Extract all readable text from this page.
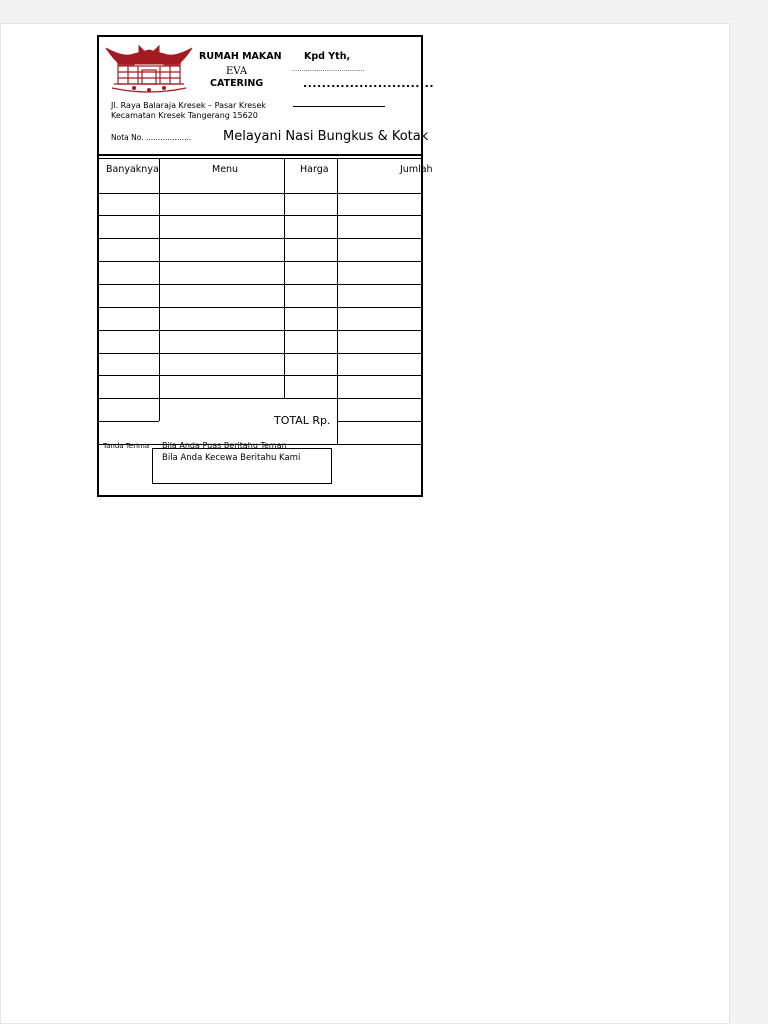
RUMAH MAKAN
EVA
CATERING
Kpd Yth,
......................................
............................
Jl. Raya Balaraja Kresek – Pasar Kresek
Kecamatan Kresek Tangerang 15620
Nota No. ................... Melayani Nasi Bungkus & Kotak
Banyaknya	Menu	Harga	Jumlah
TOTAL Rp.
Tanda Terima Bila Anda Puas Beritahu Teman
Bila Anda Kecewa Beritahu Kami
